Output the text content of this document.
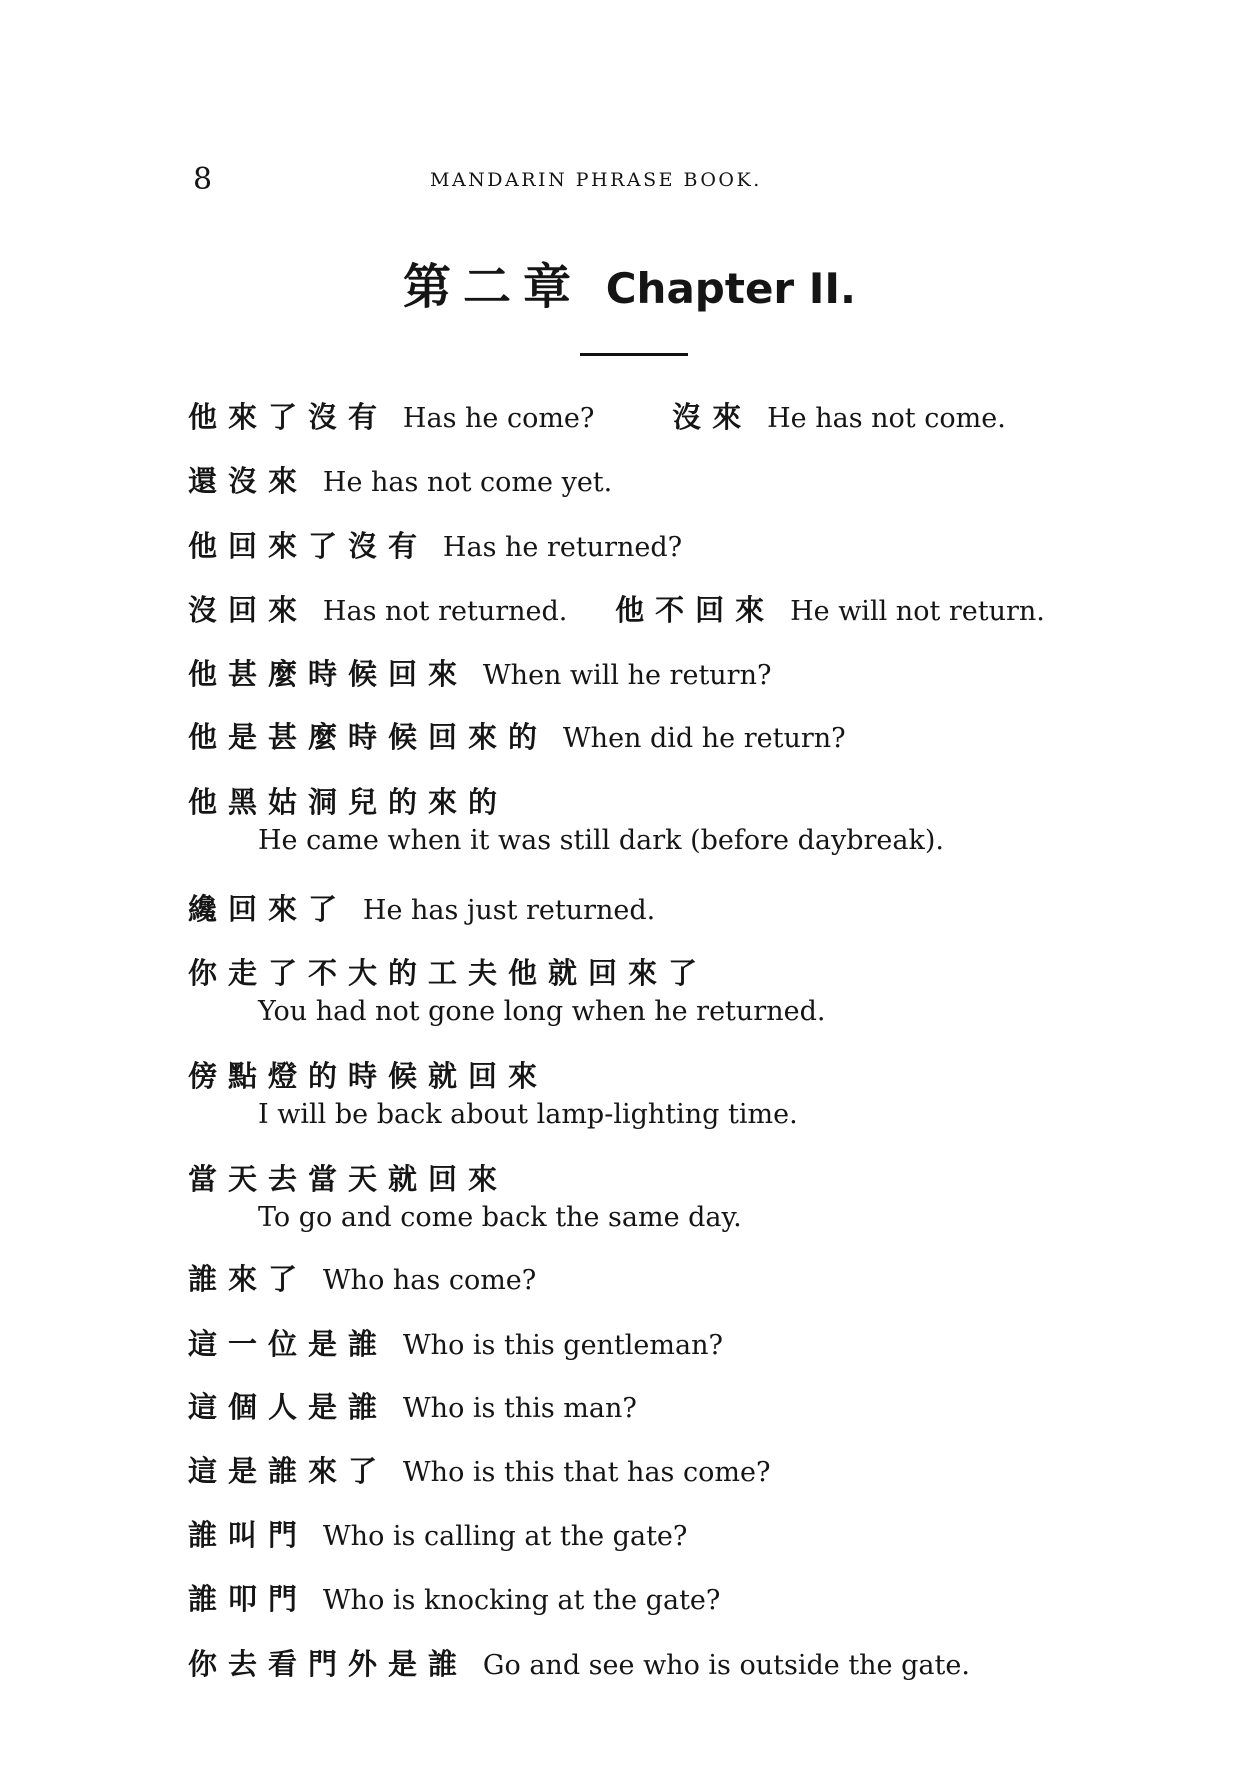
8	MANDARIN PHRASE BOOK.
第二章 Chapter II.
他來了沒有 Has he come?	沒來 He has not come.
還沒來 He has not come yet.
他回來了沒有 Has he returned?
沒回來 Has not returned. 他不回來 He will not return.
他甚麼時候回來 When will he return?
他是甚麼時候回來的 When did he return?
他黑姑洞兒的來的
He came when it was still dark (before daybreak).
纔回來了 He has just returned.
你走了不大的工夫他就回來了
You had not gone long when he returned.
傍點燈的時候就回來
I will be back about lamp-lighting time.
當天去當天就回來
To go and come back the same day.
誰來了 Who has come?
這一位是誰 Who is this gentleman?
這個人是誰 Who is this man?
這是誰來了 Who is this that has come?
誰叫門 Who is calling at the gate?
誰叩門 Who is knocking at the gate?
你去看門外是誰 Go and see who is outside the gate.
